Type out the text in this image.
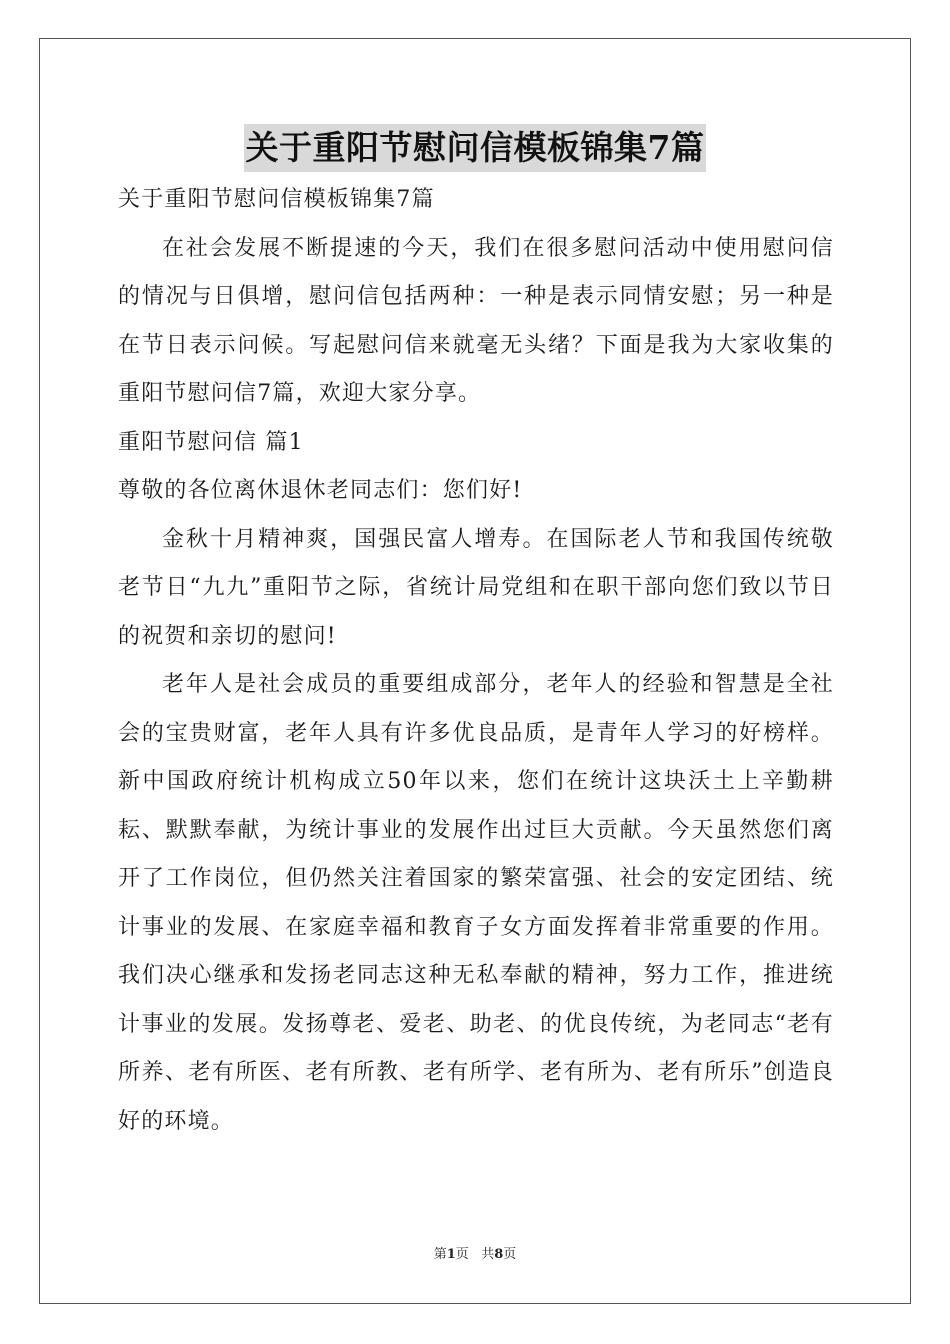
关于重阳节慰问信模板锦集7篇

关于重阳节慰问信模板锦集7篇

在社会发展不断提速的今天，我们在很多慰问活动中使用慰问信的情况与日俱增，慰问信包括两种：一种是表示同情安慰；另一种是在节日表示问候。写起慰问信来就毫无头绪？下面是我为大家收集的重阳节慰问信7篇，欢迎大家分享。

重阳节慰问信 篇1

尊敬的各位离休退休老同志们：您们好!

金秋十月精神爽，国强民富人增寿。在国际老人节和我国传统敬老节日“九九”重阳节之际，省统计局党组和在职干部向您们致以节日的祝贺和亲切的慰问!

老年人是社会成员的重要组成部分，老年人的经验和智慧是全社会的宝贵财富，老年人具有许多优良品质，是青年人学习的好榜样。新中国政府统计机构成立50年以来，您们在统计这块沃土上辛勤耕耘、默默奉献，为统计事业的发展作出过巨大贡献。今天虽然您们离开了工作岗位，但仍然关注着国家的繁荣富强、社会的安定团结、统计事业的发展、在家庭幸福和教育子女方面发挥着非常重要的作用。我们决心继承和发扬老同志这种无私奉献的精神，努力工作，推进统计事业的发展。发扬尊老、爱老、助老、的优良传统，为老同志“老有所养、老有所医、老有所教、老有所学、老有所为、老有所乐”创造良好的环境。

第1页   共8页
